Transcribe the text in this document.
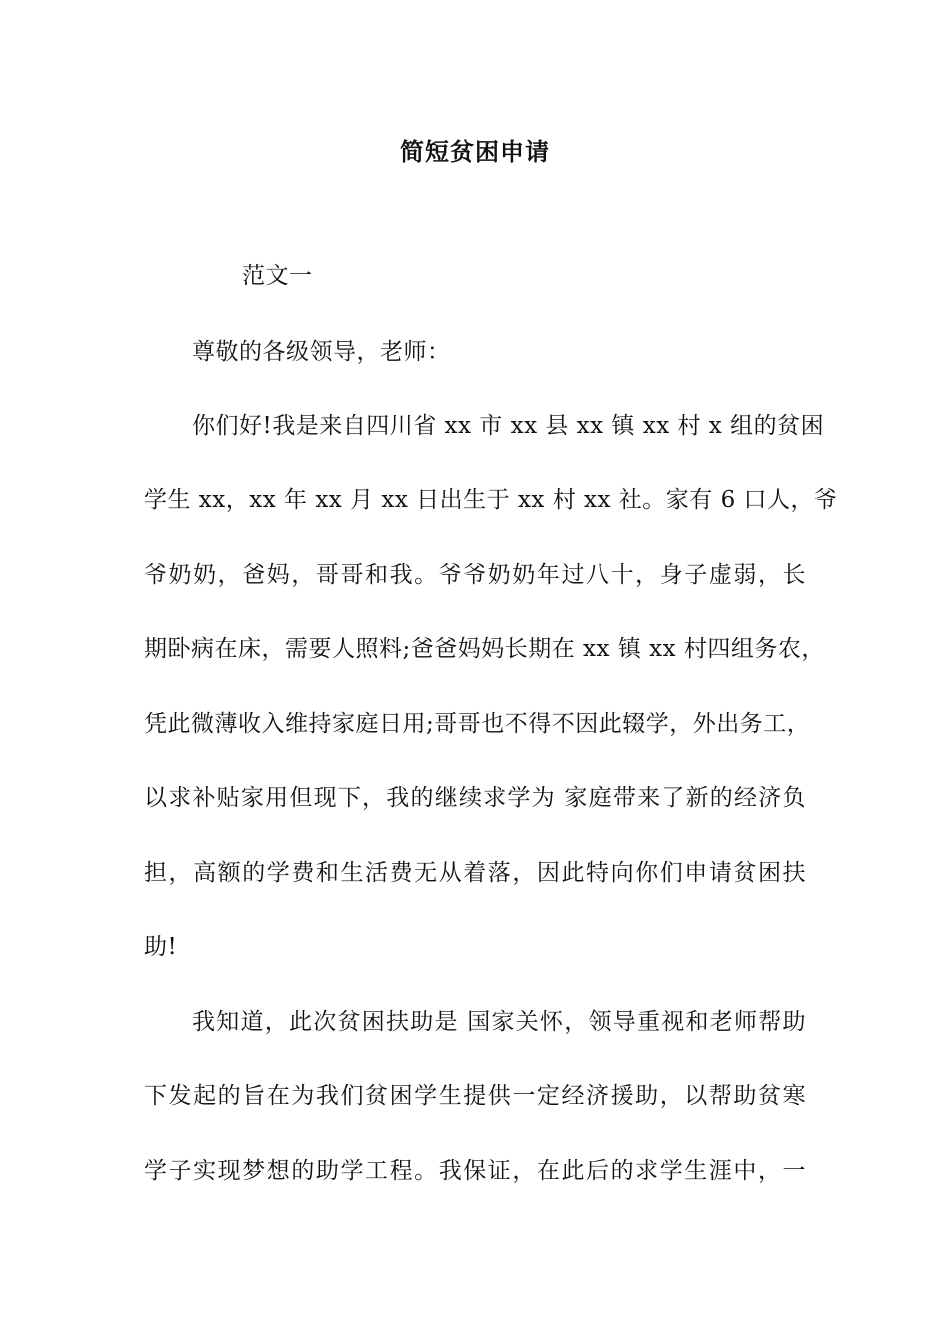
简短贫困申请

范文一

尊敬的各级领导，老师：

你们好!我是来自四川省 xx 市 xx 县 xx 镇 xx 村 x 组的贫困

学生 xx，xx 年 xx 月 xx 日出生于 xx 村 xx 社。家有 6 口人，爷

爷奶奶，爸妈，哥哥和我。爷爷奶奶年过八十，身子虚弱，长

期卧病在床，需要人照料;爸爸妈妈长期在 xx 镇 xx 村四组务农，

凭此微薄收入维持家庭日用;哥哥也不得不因此辍学，外出务工，

以求补贴家用但现下，我的继续求学为 家庭带来了新的经济负

担，高额的学费和生活费无从着落，因此特向你们申请贫困扶

助!

我知道，此次贫困扶助是 国家关怀，领导重视和老师帮助

下发起的旨在为我们贫困学生提供一定经济援助，以帮助贫寒

学子实现梦想的助学工程。我保证，在此后的求学生涯中，一
